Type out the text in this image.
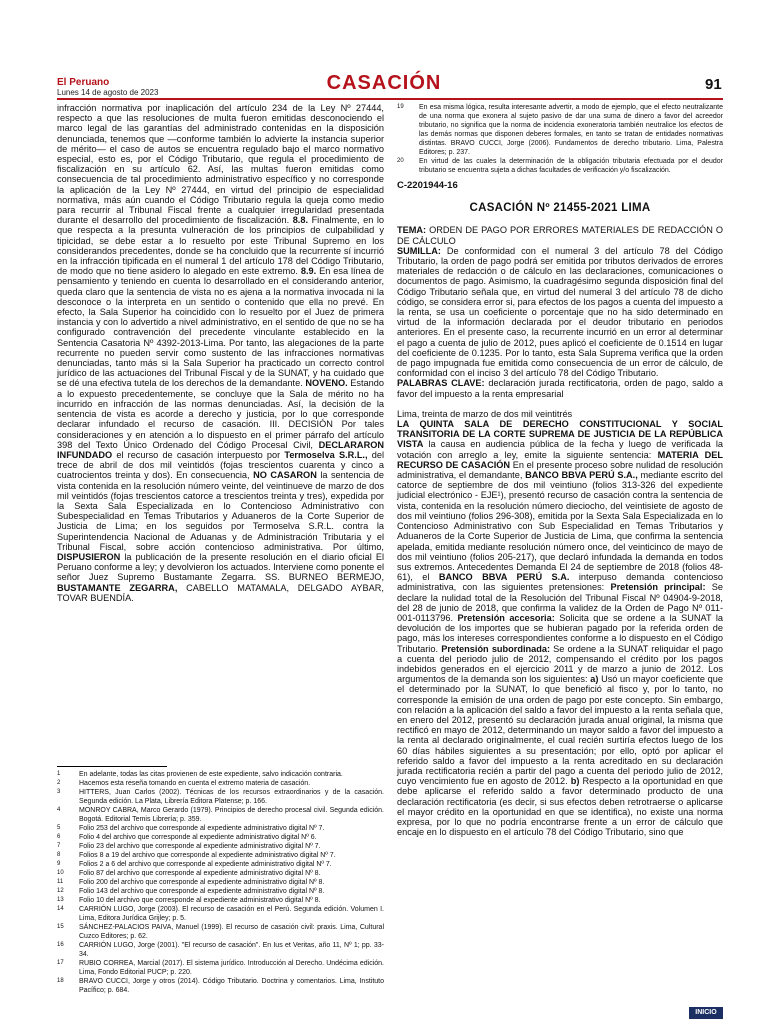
El Peruano
Lunes 14 de agosto de 2023	CASACIÓN	91

infracción normativa por inaplicación del artículo 234 de la Ley Nº 27444, respecto a que las resoluciones de multa fueron emitidas desconociendo el marco legal de las garantías del administrado contenidas en la disposición denunciada, tenemos que —conforme también lo advierte la instancia superior de mérito— el caso de autos se encuentra regulado bajo el marco normativo especial, esto es, por el Código Tributario, que regula el procedimiento de fiscalización en su artículo 62. Así, las multas fueron emitidas como consecuencia de tal procedimiento administrativo específico y no corresponde la aplicación de la Ley Nº 27444, en virtud del principio de especialidad normativa, más aún cuando el Código Tributario regula la queja como medio para recurrir al Tribunal Fiscal frente a cualquier irregularidad presentada durante el desarrollo del procedimiento de fiscalización. 8.8. Finalmente, en lo que respecta a la presunta vulneración de los principios de culpabilidad y tipicidad, se debe estar a lo resuelto por este Tribunal Supremo en los considerandos precedentes, donde se ha concluido que la recurrente sí incurrió en la infracción tipificada en el numeral 1 del artículo 178 del Código Tributario, de modo que no tiene asidero lo alegado en este extremo. 8.9. En esa línea de pensamiento y teniendo en cuenta lo desarrollado en el considerando anterior, queda claro que la sentencia de vista no es ajena a la normativa invocada ni la desconoce o la interpreta en un sentido o contenido que ella no prevé. En efecto, la Sala Superior ha coincidido con lo resuelto por el Juez de primera instancia y con lo advertido a nivel administrativo, en el sentido de que no se ha configurado contravención del precedente vinculante establecido en la Sentencia Casatoria Nº 4392-2013-Lima. Por tanto, las alegaciones de la parte recurrente no pueden servir como sustento de las infracciones normativas denunciadas, tanto más si la Sala Superior ha practicado un correcto control jurídico de las actuaciones del Tribunal Fiscal y de la SUNAT, y ha cuidado que se dé una efectiva tutela de los derechos de la demandante. NOVENO. Estando a lo expuesto precedentemente, se concluye que la Sala de mérito no ha incurrido en infracción de las normas denunciadas. Así, la decisión de la sentencia de vista es acorde a derecho y justicia, por lo que corresponde declarar infundado el recurso de casación. III. DECISIÓN Por tales consideraciones y en atención a lo dispuesto en el primer párrafo del artículo 398 del Texto Único Ordenado del Código Procesal Civil, DECLARARON INFUNDADO el recurso de casación interpuesto por Termoselva S.R.L., del trece de abril de dos mil veintidós (fojas trescientos cuarenta y cinco a cuatrocientos treinta y dos). En consecuencia, NO CASARON la sentencia de vista contenida en la resolución número veinte, del veintinueve de marzo de dos mil veintidós (fojas trescientos catorce a trescientos treinta y tres), expedida por la Sexta Sala Especializada en lo Contencioso Administrativo con Subespecialidad en Temas Tributarios y Aduaneros de la Corte Superior de Justicia de Lima; en los seguidos por Termoselva S.R.L. contra la Superintendencia Nacional de Aduanas y de Administración Tributaria y el Tribunal Fiscal, sobre acción contencioso administrativa. Por último, DISPUSIERON la publicación de la presente resolución en el diario oficial El Peruano conforme a ley; y devolvieron los actuados. Interviene como ponente el señor Juez Supremo Bustamante Zegarra. SS. BURNEO BERMEJO, BUSTAMANTE ZEGARRA, CABELLO MATAMALA, DELGADO AYBAR, TOVAR BUENDÍA.

1	En adelante, todas las citas provienen de este expediente, salvo indicación contraria.
2	Hacemos esta reseña tomando en cuenta el extremo materia de casación.
3	HITTERS, Juan Carlos (2002). Técnicas de los recursos extraordinarios y de la casación. Segunda edición. La Plata, Librería Editora Platense; p. 166.
4	MONROY CABRA, Marco Gerardo (1979). Principios de derecho procesal civil. Segunda edición. Bogotá. Editorial Temis Librería; p. 359.
5	Folio 253 del archivo que corresponde al expediente administrativo digital Nº 7.
6	Folio 4 del archivo que corresponde al expediente administrativo digital Nº 6.
7	Folio 23 del archivo que corresponde al expediente administrativo digital Nº 7.
8	Folios 8 a 19 del archivo que corresponde al expediente administrativo digital Nº 7.
9	Folios 2 a 6 del archivo que corresponde al expediente administrativo digital Nº 7.
10	Folio 87 del archivo que corresponde al expediente administrativo digital Nº 8.
11	Folio 200 del archivo que corresponde al expediente administrativo digital Nº 8.
12	Folio 143 del archivo que corresponde al expediente administrativo digital Nº 8.
13	Folio 10 del archivo que corresponde al expediente administrativo digital Nº 8.
14	CARRIÓN LUGO, Jorge (2003). El recurso de casación en el Perú. Segunda edición. Volumen I. Lima, Editora Jurídica Grijley; p. 5.
15	SÁNCHEZ-PALACIOS PAIVA, Manuel (1999). El recurso de casación civil: praxis. Lima, Cultural Cuzco Editores; p. 62.
16	CARRIÓN LUGO, Jorge (2001). "El recurso de casación". En Ius et Veritas, año 11, Nº 1; pp. 33-34.
17	RUBIO CORREA, Marcial (2017). El sistema jurídico. Introducción al Derecho. Undécima edición. Lima, Fondo Editorial PUCP; p. 220.
18	BRAVO CUCCI, Jorge y otros (2014). Código Tributario. Doctrina y comentarios. Lima, Instituto Pacífico; p. 684.
19	En esa misma lógica, resulta interesante advertir, a modo de ejemplo, que el efecto neutralizante de una norma que exonera al sujeto pasivo de dar una suma de dinero a favor del acreedor tributario, no significa que la norma de incidencia exoneratoria también neutralice los efectos de las demás normas que disponen deberes formales, en tanto se tratan de entidades normativas distintas. BRAVO CUCCI, Jorge (2006). Fundamentos de derecho tributario. Lima, Palestra Editores; p. 237.
20	En virtud de las cuales la determinación de la obligación tributaria efectuada por el deudor tributario se encuentra sujeta a dichas facultades de verificación y/o fiscalización.
C-2201944-16
CASACIÓN Nº 21455-2021 LIMA

TEMA: ORDEN DE PAGO POR ERRORES MATERIALES DE REDACCIÓN O DE CÁLCULO

SUMILLA: De conformidad con el numeral 3 del artículo 78 del Código Tributario, la orden de pago podrá ser emitida por tributos derivados de errores materiales de redacción o de cálculo en las declaraciones, comunicaciones o documentos de pago. Asimismo, la cuadragésimo segunda disposición final del Código Tributario señala que, en virtud del numeral 3 del artículo 78 de dicho código, se considera error si, para efectos de los pagos a cuenta del impuesto a la renta, se usa un coeficiente o porcentaje que no ha sido determinado en virtud de la información declarada por el deudor tributario en periodos anteriores. En el presente caso, la recurrente incurrió en un error al determinar el pago a cuenta de julio de 2012, pues aplicó el coeficiente de 0.1514 en lugar del coeficiente de 0.1235. Por lo tanto, esta Sala Suprema verifica que la orden de pago impugnada fue emitida como consecuencia de un error de cálculo, de conformidad con el inciso 3 del artículo 78 del Código Tributario.

PALABRAS CLAVE: declaración jurada rectificatoria, orden de pago, saldo a favor del impuesto a la renta empresarial

Lima, treinta de marzo de dos mil veintitrés

LA QUINTA SALA DE DERECHO CONSTITUCIONAL Y SOCIAL TRANSITORIA DE LA CORTE SUPREMA DE JUSTICIA DE LA REPÚBLICA VISTA la causa en audiencia pública de la fecha y luego de verificada la votación con arreglo a ley, emite la siguiente sentencia: MATERIA DEL RECURSO DE CASACIÓN En el presente proceso sobre nulidad de resolución administrativa, el demandante, BANCO BBVA PERÚ S.A., mediante escrito del catorce de septiembre de dos mil veintiuno (folios 313-326 del expediente judicial electrónico - EJE¹), presentó recurso de casación contra la sentencia de vista, contenida en la resolución número dieciocho, del veintisiete de agosto de dos mil veintiuno (folios 296-308), emitida por la Sexta Sala Especializada en lo Contencioso Administrativo con Sub Especialidad en Temas Tributarios y Aduaneros de la Corte Superior de Justicia de Lima, que confirma la sentencia apelada, emitida mediante resolución número once, del veinticinco de mayo de dos mil veintiuno (folios 205-217), que declaró infundada la demanda en todos sus extremos. Antecedentes Demanda El 24 de septiembre de 2018 (folios 48-61), el BANCO BBVA PERÚ S.A. interpuso demanda contencioso administrativa, con las siguientes pretensiones: Pretensión principal: Se declare la nulidad total de la Resolución del Tribunal Fiscal Nº 04904-9-2018, del 28 de junio de 2018, que confirma la validez de la Orden de Pago Nº 011-001-0113796. Pretensión accesoria: Solicita que se ordene a la SUNAT la devolución de los importes que se hubieran pagado por la referida orden de pago, más los intereses correspondientes conforme a lo dispuesto en el Código Tributario. Pretensión subordinada: Se ordene a la SUNAT reliquidar el pago a cuenta del periodo julio de 2012, compensando el crédito por los pagos indebidos generados en el ejercicio 2011 y de marzo a junio de 2012. Los argumentos de la demanda son los siguientes: a) Usó un mayor coeficiente que el determinado por la SUNAT, lo que benefició al fisco y, por lo tanto, no corresponde la emisión de una orden de pago por este concepto. Sin embargo, con relación a la aplicación del saldo a favor del impuesto a la renta señala que, en enero del 2012, presentó su declaración jurada anual original, la misma que rectificó en mayo de 2012, determinando un mayor saldo a favor del impuesto a la renta al declarado originalmente, el cual recién surtiría efectos luego de los 60 días hábiles siguientes a su presentación; por ello, optó por aplicar el referido saldo a favor del impuesto a la renta acreditado en su declaración jurada rectificatoria recién a partir del pago a cuenta del periodo julio de 2012, cuyo vencimiento fue en agosto de 2012. b) Respecto a la oportunidad en que debe aplicarse el referido saldo a favor determinado producto de una declaración rectificatoria (es decir, si sus efectos deben retrotraerse o aplicarse el mayor crédito en la oportunidad en que se identifica), no existe una norma expresa, por lo que no podría encontrarse frente a un error de cálculo que encaje en lo dispuesto en el artículo 78 del Código Tributario, sino que

INICIO
